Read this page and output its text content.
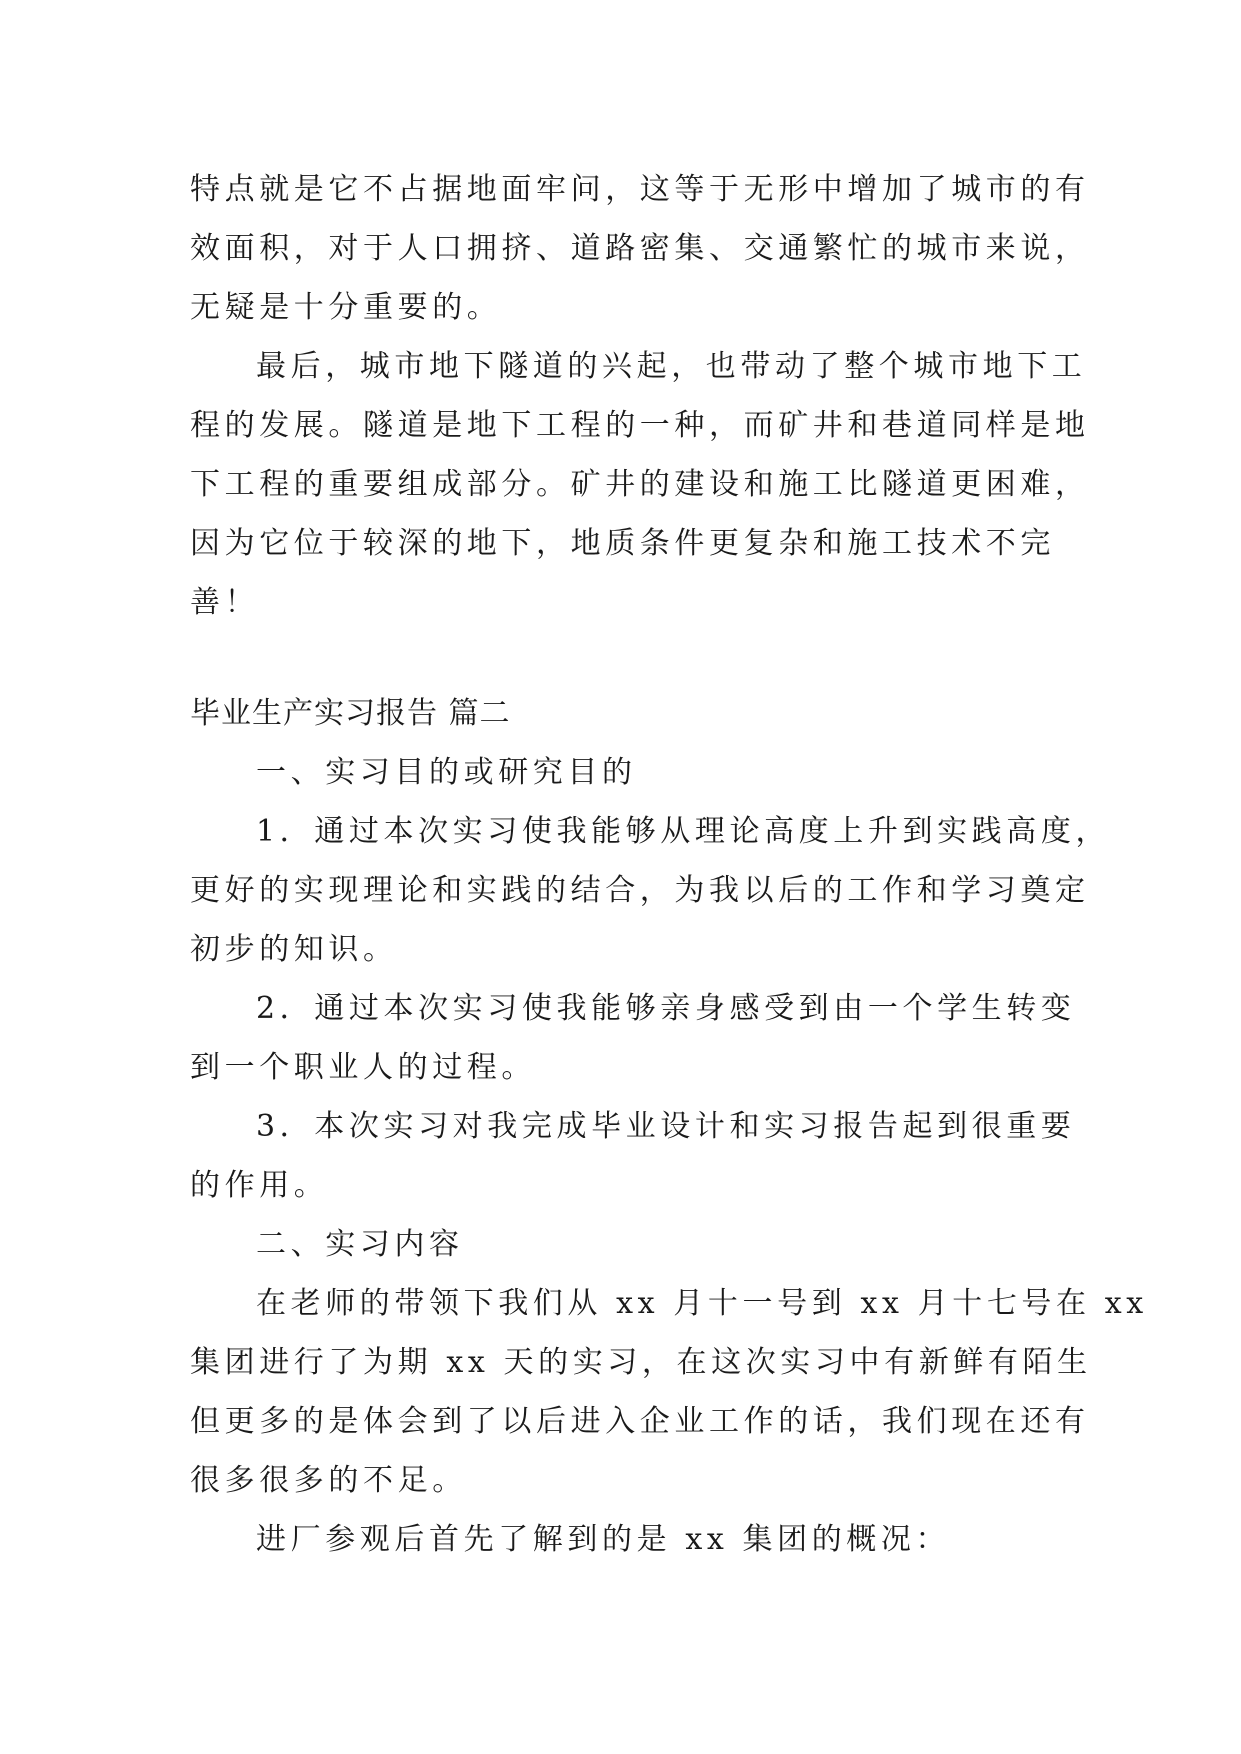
特点就是它不占据地面牢问，这等于无形中增加了城市的有

效面积，对于人口拥挤、道路密集、交通繁忙的城市来说，

无疑是十分重要的。

最后，城市地下隧道的兴起，也带动了整个城市地下工

程的发展。隧道是地下工程的一种，而矿井和巷道同样是地

下工程的重要组成部分。矿井的建设和施工比隧道更困难，

因为它位于较深的地下，地质条件更复杂和施工技术不完

善！

毕业生产实习报告 篇二

一、实习目的或研究目的

1．通过本次实习使我能够从理论高度上升到实践高度，

更好的实现理论和实践的结合，为我以后的工作和学习奠定

初步的知识。

2．通过本次实习使我能够亲身感受到由一个学生转变

到一个职业人的过程。

3．本次实习对我完成毕业设计和实习报告起到很重要

的作用。

二、实习内容

在老师的带领下我们从 xx 月十一号到 xx 月十七号在 xx

集团进行了为期 xx 天的实习，在这次实习中有新鲜有陌生

但更多的是体会到了以后进入企业工作的话，我们现在还有

很多很多的不足。

进厂参观后首先了解到的是 xx 集团的概况：
